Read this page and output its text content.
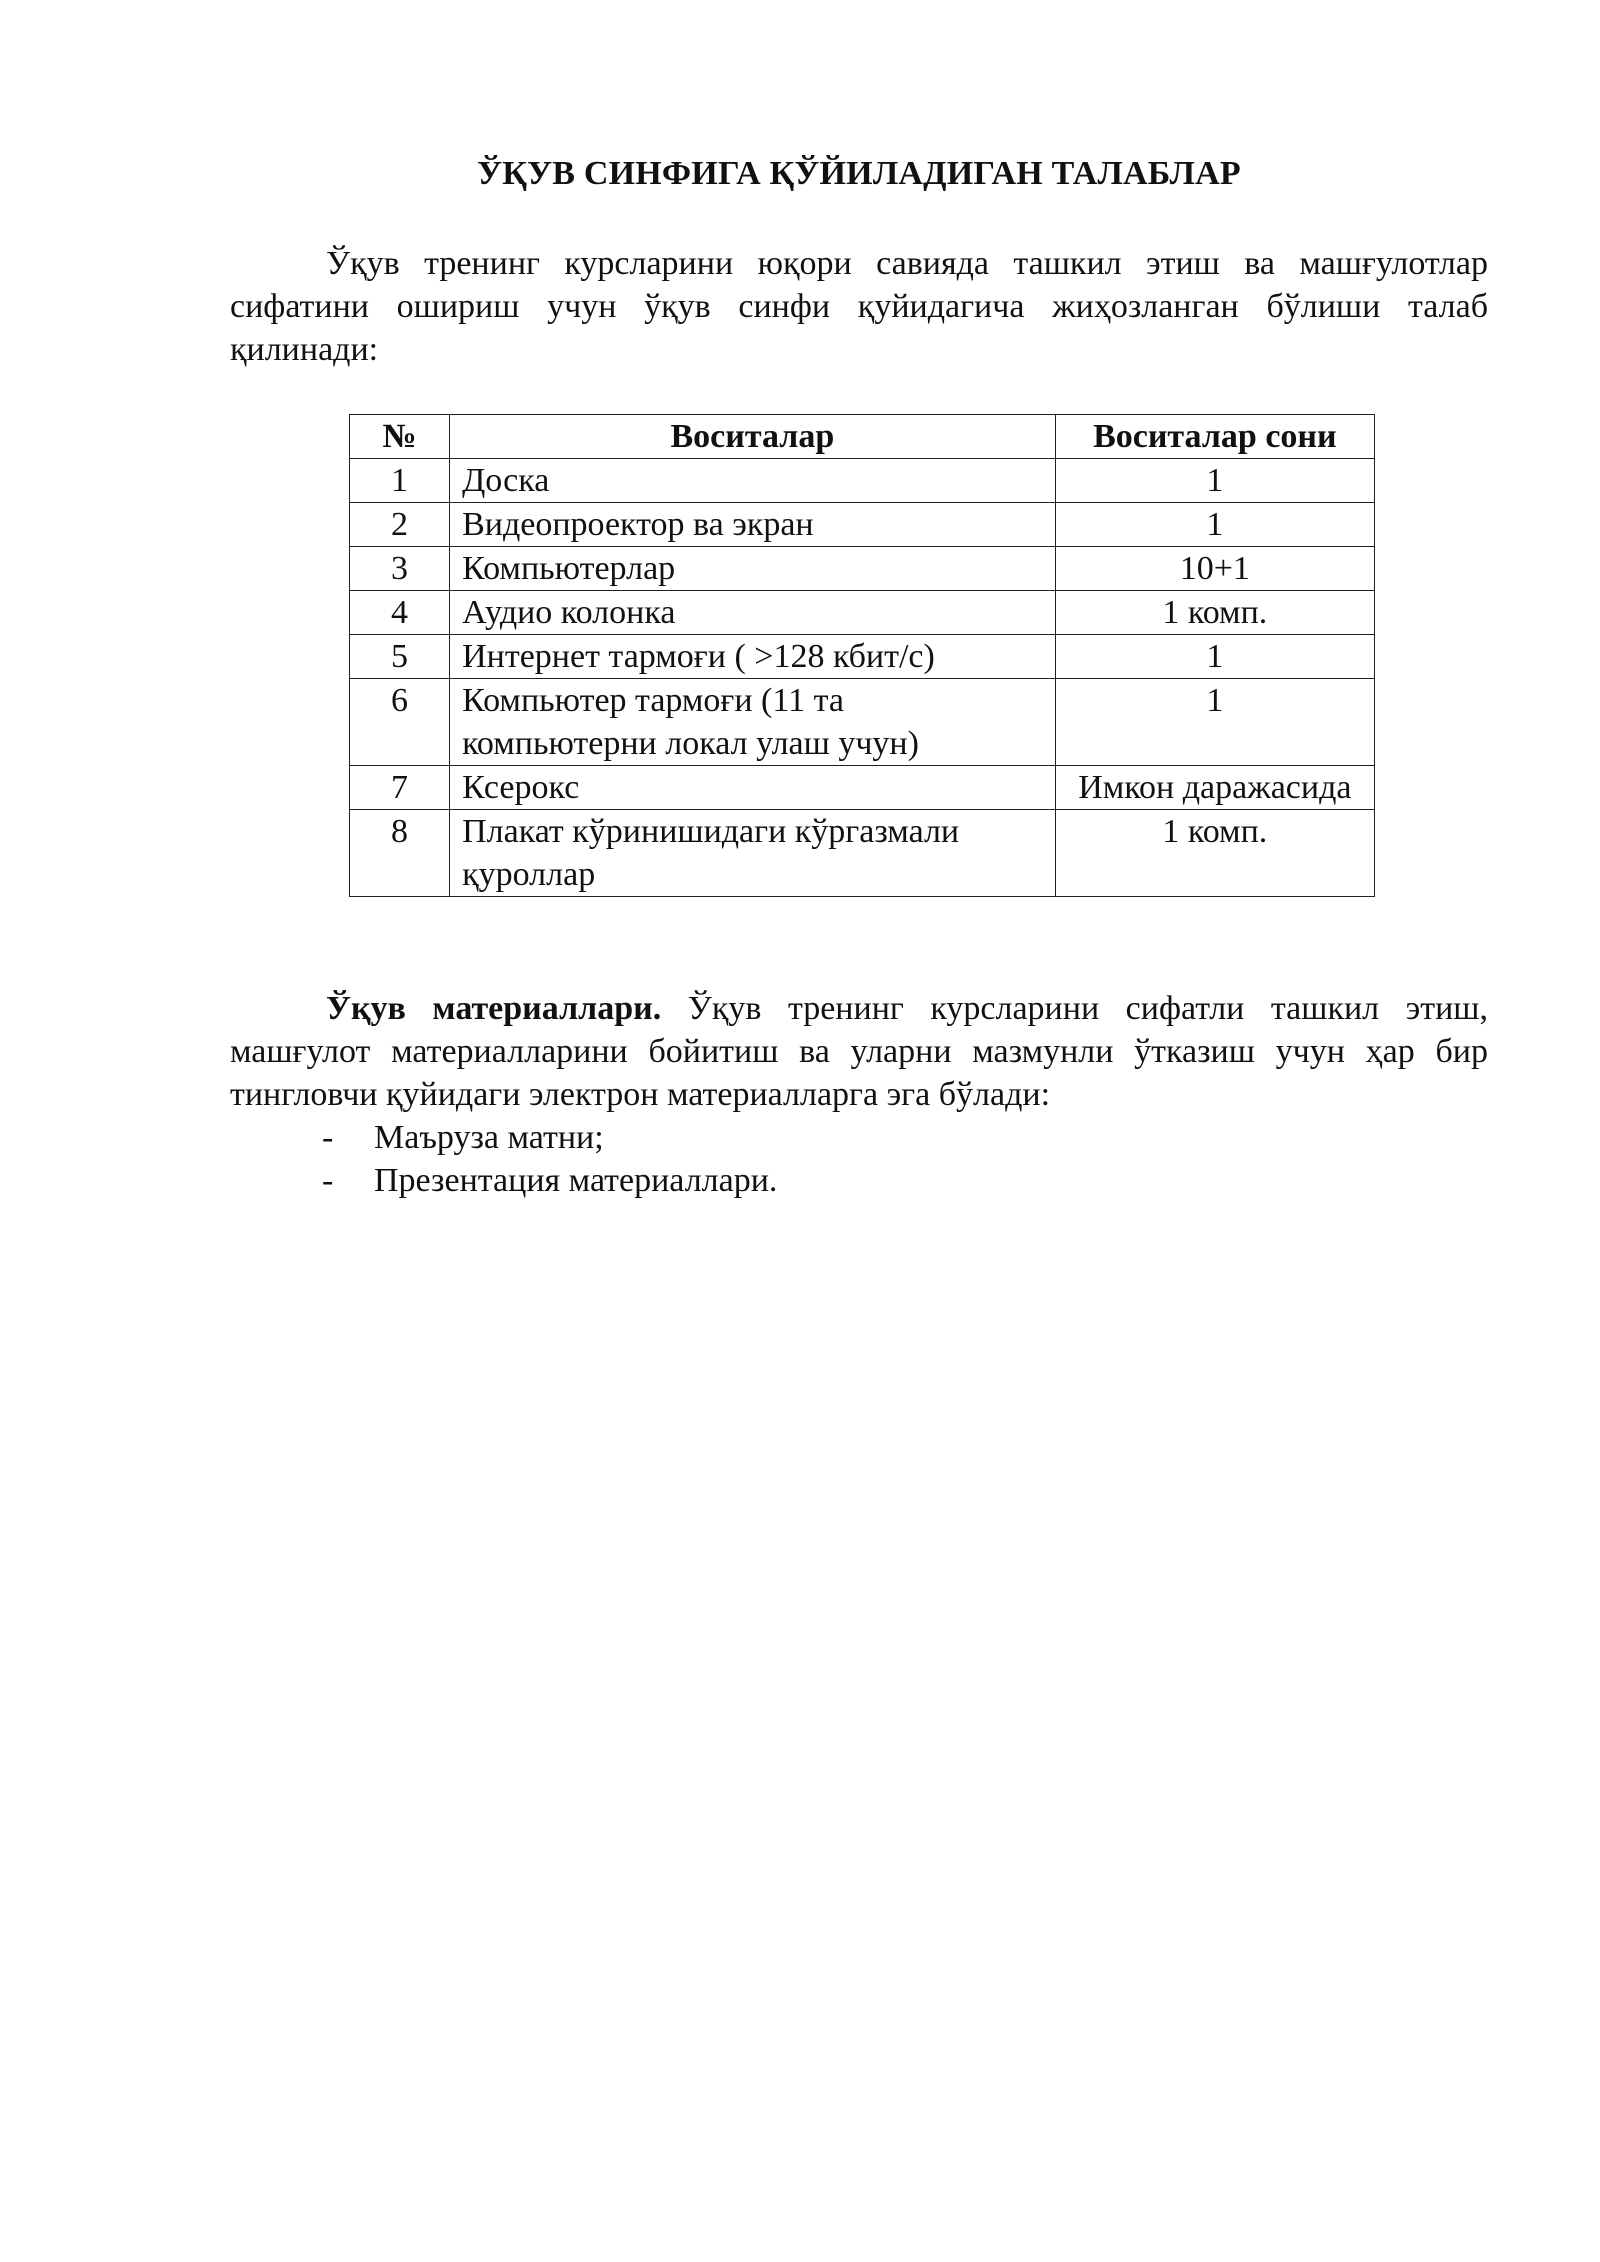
ЎҚУВ СИНФИГА ҚЎЙИЛАДИГАН ТАЛАБЛАР

Ўқув тренинг курсларини юқори савияда ташкил этиш ва машғулотлар сифатини ошириш учун ўқув синфи қуйидагича жиҳозланган бўлиши талаб қилинади:

№	Воситалар	Воситалар сони
1	Доска	1
2	Видеопроектор ва экран	1
3	Компьютерлар	10+1
4	Аудио колонка	1 комп.
5	Интернет тармоғи ( >128 кбит/с)	1
6	Компьютер тармоғи (11 та компьютерни локал улаш учун)	1
7	Ксерокс	Имкон даражасида
8	Плакат кўринишидаги кўргазмали қуроллар	1 комп.

Ўқув материаллари. Ўқув тренинг курсларини сифатли ташкил этиш, машғулот материалларини бойитиш ва уларни мазмунли ўтказиш учун ҳар бир тингловчи қуйидаги электрон материалларга эга бўлади:

- Маъруза матни;
- Презентация материаллари.
